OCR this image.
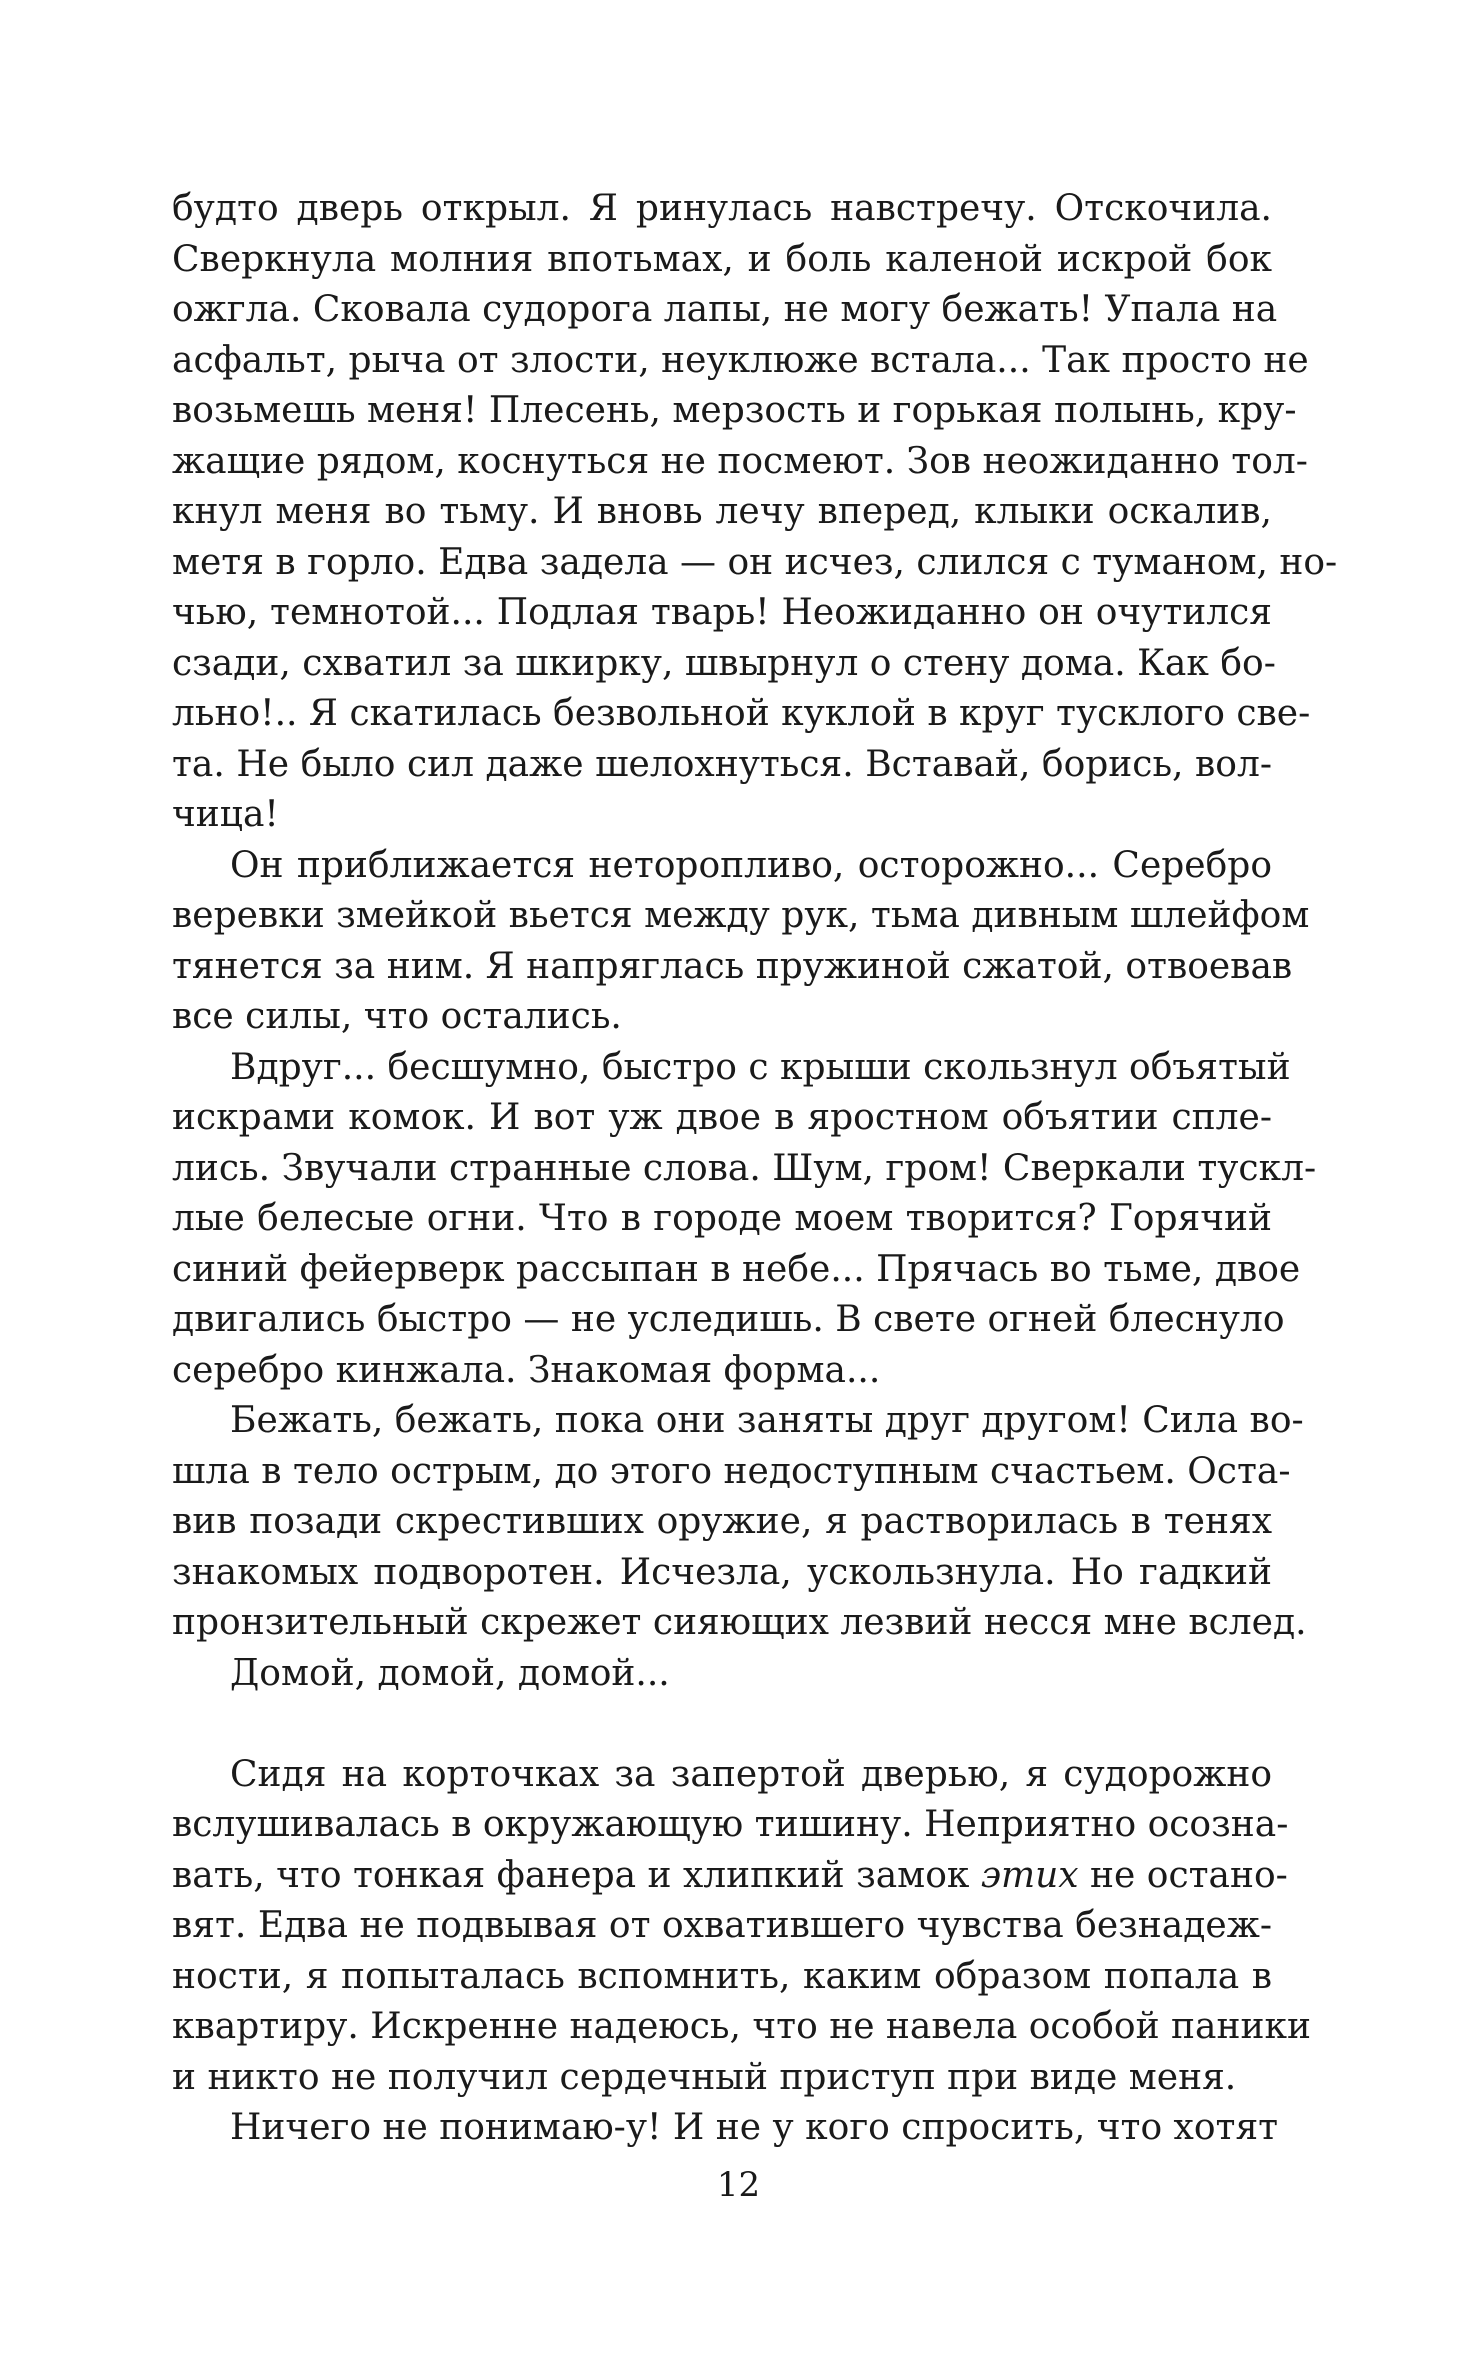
будто дверь открыл. Я ринулась навстречу. Отскочила.
Сверкнула молния впотьмах, и боль каленой искрой бок
ожгла. Сковала судорога лапы, не могу бежать! Упала на
асфальт, рыча от злости, неуклюже встала... Так просто не
возьмешь меня! Плесень, мерзость и горькая полынь, кру-
жащие рядом, коснуться не посмеют. Зов неожиданно тол-
кнул меня во тьму. И вновь лечу вперед, клыки оскалив,
метя в горло. Едва задела — он исчез, слился с туманом, но-
чью, темнотой... Подлая тварь! Неожиданно он очутился
сзади, схватил за шкирку, швырнул о стену дома. Как бо-
льно!.. Я скатилась безвольной куклой в круг тусклого све-
та. Не было сил даже шелохнуться. Вставай, борись, вол-
чица!

Он приближается неторопливо, осторожно... Серебро
веревки змейкой вьется между рук, тьма дивным шлейфом
тянется за ним. Я напряглась пружиной сжатой, отвоевав
все силы, что остались.

Вдруг... бесшумно, быстро с крыши скользнул объятый
искрами комок. И вот уж двое в яростном объятии спле-
лись. Звучали странные слова. Шум, гром! Сверкали тускл-
лые белесые огни. Что в городе моем творится? Горячий
синий фейерверк рассыпан в небе... Прячась во тьме, двое
двигались быстро — не уследишь. В свете огней блеснуло
серебро кинжала. Знакомая форма...

Бежать, бежать, пока они заняты друг другом! Сила во-
шла в тело острым, до этого недоступным счастьем. Оста-
вив позади скрестивших оружие, я растворилась в тенях
знакомых подворотен. Исчезла, ускользнула. Но гадкий
пронзительный скрежет сияющих лезвий несся мне вслед.

Домой, домой, домой...

Сидя на корточках за запертой дверью, я судорожно
вслушивалась в окружающую тишину. Неприятно осозна-
вать, что тонкая фанера и хлипкий замок этих не остано-
вят. Едва не подвывая от охватившего чувства безнадеж-
ности, я попыталась вспомнить, каким образом попала в
квартиру. Искренне надеюсь, что не навела особой паники
и никто не получил сердечный приступ при виде меня.

Ничего не понимаю-у! И не у кого спросить, что хотят

12
